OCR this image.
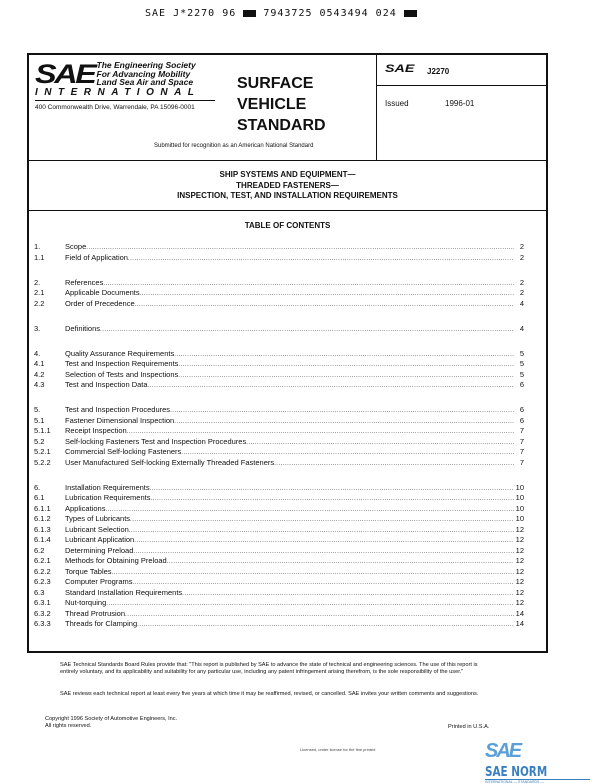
SAE J*2270 96	7943725 0543494 024
SAE The Engineering Society
For Advancing Mobility
Land Sea Air and Space
INTERNATIONAL
400 Commonwealth Drive, Warrendale, PA 15096-0001
SURFACE
VEHICLE
STANDARD
Submitted for recognition as an American National Standard
SAE J2270
Issued	1996-01
SHIP SYSTEMS AND EQUIPMENT—
THREADED FASTENERS—
INSPECTION, TEST, AND INSTALLATION REQUIREMENTS
TABLE OF CONTENTS
1.	Scope .....	2
1.1	Field of Application .....	2
2.	References .....	2
2.1	Applicable Documents .....	2
2.2	Order of Precedence .....	4
3.	Definitions .....	4
4.	Quality Assurance Requirements .....	5
4.1	Test and Inspection Requirements .....	5
4.2	Selection of Tests and Inspections .....	5
4.3	Test and Inspection Data .....	6
5.	Test and Inspection Procedures .....	6
5.1	Fastener Dimensional Inspection .....	6
5.1.1	Receipt Inspection .....	7
5.2	Self-locking Fasteners Test and Inspection Procedures .....	7
5.2.1	Commercial Self-locking Fasteners .....	7
5.2.2	User Manufactured Self-locking Externally Threaded Fasteners .....	7
6.	Installation Requirements .....	10
6.1	Lubrication Requirements .....	10
6.1.1	Applications .....	10
6.1.2	Types of Lubricants .....	10
6.1.3	Lubricant Selection .....	12
6.1.4	Lubricant Application .....	12
6.2	Determining Preload .....	12
6.2.1	Methods for Obtaining Preload .....	12
6.2.2	Torque Tables .....	12
6.2.3	Computer Programs .....	12
6.3	Standard Installation Requirements .....	12
6.3.1	Nut-torquing .....	12
6.3.2	Thread Protrusion .....	14
6.3.3	Threads for Clamping .....	14
SAE Technical Standards Board Rules provide that: "This report is published by SAE to advance the state of technical and engineering sciences. The use of this report is entirely voluntary, and its applicability and suitability for any particular use, including any patent infringement arising therefrom, is the sole responsibility of the user."
SAE reviews each technical report at least every five years at which time it may be reaffirmed, revised, or cancelled. SAE invites your written comments and suggestions.
Copyright 1996 Society of Automotive Engineers, Inc.
All rights reserved.	Printed in U.S.A.
Licensed, under license for the fine printed	SAE SAE NORM
INTERNATIONAL — STANDARDS —
